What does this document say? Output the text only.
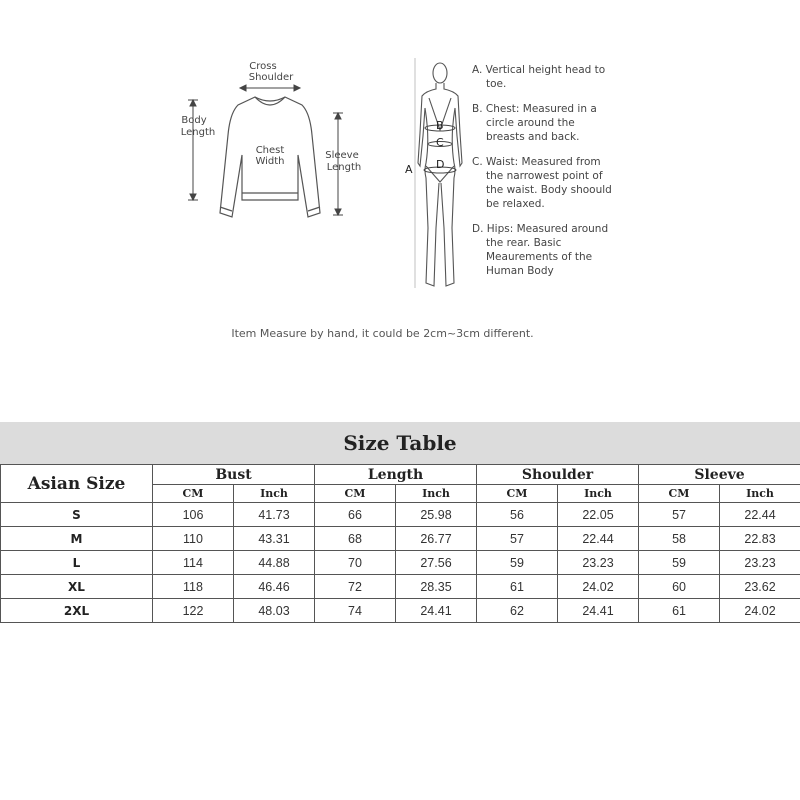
Cross
Shoulder
Body
Length
Chest
Width
Sleeve
Length	A
B
C
D
A. Vertical height head to toe.
B. Chest: Measured in a circle around the breasts and back.
C. Waist: Measured from the narrowest point of the waist. Body shoould be relaxed.
D. Hips: Measured around the rear. Basic Meaurements of the Human Body
Item Measure by hand, it could be 2cm~3cm different.
Size Table
Asian Size	Bust		Length		Shoulder		Sleeve	
	CM	Inch	CM	Inch	CM	Inch	CM	Inch
S	106	41.73	66	25.98	56	22.05	57	22.44
M	110	43.31	68	26.77	57	22.44	58	22.83
L	114	44.88	70	27.56	59	23.23	59	23.23
XL	118	46.46	72	28.35	61	24.02	60	23.62
2XL	122	48.03	74	24.41	62	24.41	61	24.02
